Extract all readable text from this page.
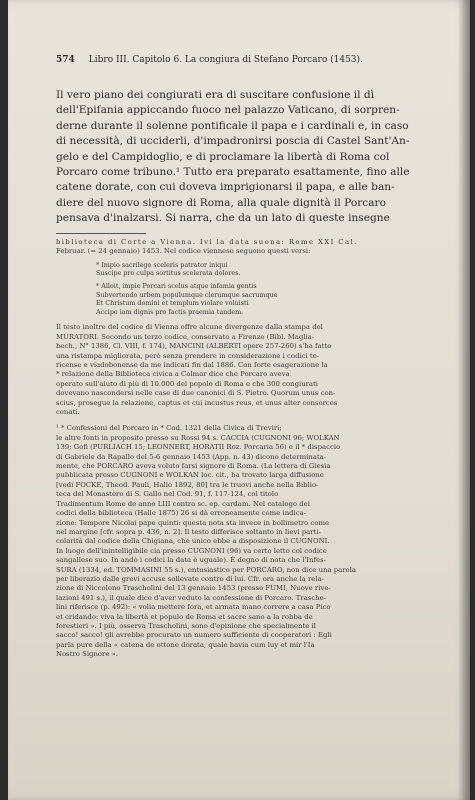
574 Libro III. Capitolo 6. La congiura di Stefano Porcaro (1453).
Il vero piano dei congiurati era di suscitare confusione il dì
dell'Epifania appiccando fuoco nel palazzo Vaticano, di sorpren-
derne durante il solenne pontificale il papa e i cardinali e, in caso
di necessità, di ucciderli, d'impadronirsi poscia di Castel Sant'An-
gelo e del Campidoglio, e di proclamare la libertà di Roma col
Porcaro come tribuno.¹ Tutto era preparato esattamente, fino alle
catene dorate, con cui doveva imprigionarsi il papa, e alle ban-
diere del nuovo signore di Roma, alla quale dignità il Porcaro
pensava d'inalzarsi. Si narra, che da un lato di queste insegne
biblioteca di Corte a Vienna. Ivi la data suona: Rome XXI Cal.
Februar. (= 24 gennaio) 1453. Nel codice viennese seguono questi versi:
* Impio sacrilego sceleris patrator iniqui
Suscipe pro culpa sortitus scelerata dolores.
* Alloit, impie Porcari scelus atque infamia gentis
Subvertendo urbem populumque clerumque sacrumque
Et Christum domini et templum violare voluisti
Accipe iam dignis pro factis praemia tandem.
Il testo inoltre del codice di Vienna offre alcune divergenze dalla stampa del
MURATORI. Secondo un terzo codice, conservato a Firenze (Bibl. Maglia-
bech., N° 1386, Cl. VIII, f. 174), MANCINI (ALBERTI opere 257-260) s'ha fatto
una ristampa migliorata, però senza prendere in considerazione i codici te-
ricense e viadobonense da me indicati fin dal 1886. Con forte esagerazione la
* relazione della Biblioteca civica a Colmar dice che Porcaro aveva
operato sull'aiuto di più di 10.000 del popolo di Roma e che 300 congiurati
dovevano nascondersi nelle case di due canonici di S. Pietro. Quorum unus con-
scius, prosegue la relazione, captus et cui incustus reus, et unus alter consorces
cenati.
¹ * Confessioni del Porcaro in * Cod. 1321 della Civica di Treviri;
le altre fonti in proposito presso su Rossi 94 s. CACCIA (CUGNONI 96; WOLKAN
139; Gofi (PURLIACH 15; LEONNERT, HORATII Roz. Porcaria 56) e il * dispaccio
di Gabriele da Rapallo del 5-6 gennaio 1453 (App. n. 43) dicono determinata-
mente, che PORCARO aveva voluto farsi signore di Roma. (La lettera di Giesia
pubblicata presso CUGNONI e WOLKAN loc. cit., ha trovato larga diffusione
[vedi FOCKE, Theod. Pauli, Halle 1892, 80] tra le truovi anche nella Biblio-
teca del Monastero di S. Gallo nel Cod. 91, f. 117-124, col titolo
Tradimentum Rome de anno LIII contra sc. ep. cardam. Nel catalogo dei
codici della biblioteca (Halle 1875) 26 si dà erroneamente come indica-
zione: Tempore Nicolai pape quinti: questa nota sta invece in bollimetro come
nel margine [cfr. sopra p. 436, n. 2]. Il testo differisce soltanto in lievi parti-
colarità dal codice della Chigiana, che unico ebbe a disposizione il CUGNONI.
In luogo dell'inintelligibile cia presso CUGNONI (96) va certo letto col codice
sangallese suo. In andò i codici la data è uguale). È degno di nota che l'Infes-
SURA (1334, ed. TOMMASINI 55 s.), entusiastico per PORCARO, non dice una parola
per liberazio dalle grevi accuse sollevate contro di lui. Cfr. ora anche la rela-
zione di Niccolono Trascholini del 13 gennaio 1453 (presso FUMI, Nuove rive-
lazioni 491 s.), il quale dice d'aver veduto la confessione di Porcaro. Trasche-
lini riferisce (p. 492): « volia mettere fora, et armata mano correre a casa Pico
et cridando: viva la libertà et populo de Roma et sacre sano a la robba de
forestieri ». I più, osserva Trascholini, sono d'opinione che specialmente il
sacco! sacco! gli avrebbe procurato un numero sufficiente di cooperatori : Egli
parla pure della « catena de ottone dorata, quale havia cum luy et mir l'Ia
Nostro Signore ».
